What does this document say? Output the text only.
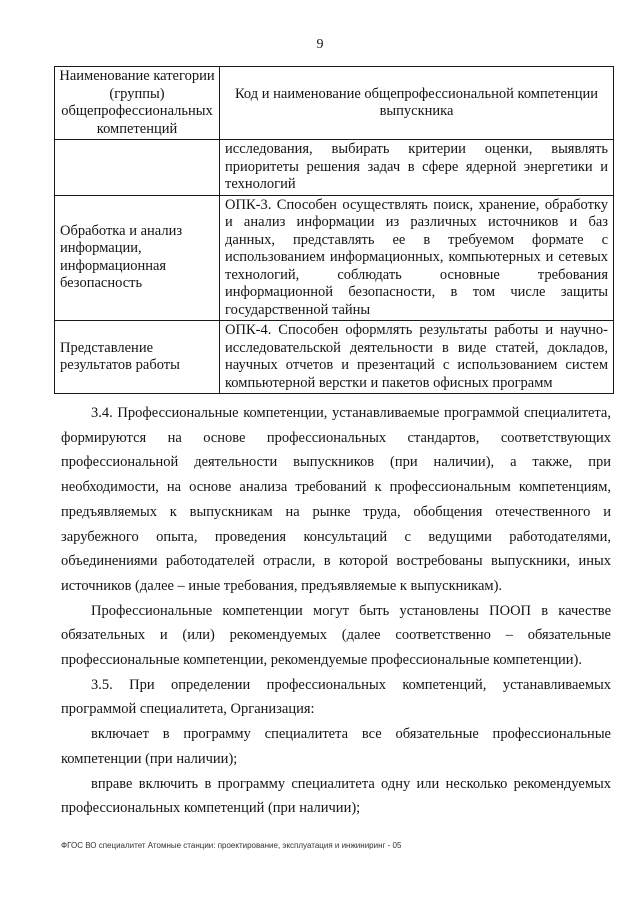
9
Наименование категории (группы) общепрофессиональных компетенций	Код и наименование общепрофессиональной компетенции выпускника
	исследования, выбирать критерии оценки, выявлять приоритеты решения задач в сфере ядерной энергетики и технологий
Обработка и анализ информации, информационная безопасность	ОПК-3. Способен осуществлять поиск, хранение, обработку и анализ информации из различных источников и баз данных, представлять ее в требуемом формате с использованием информационных, компьютерных и сетевых технологий, соблюдать основные требования информационной безопасности, в том числе защиты государственной тайны
Представление результатов работы	ОПК-4. Способен оформлять результаты работы и научно-исследовательской деятельности в виде статей, докладов, научных отчетов и презентаций с использованием систем компьютерной верстки и пакетов офисных программ

3.4. Профессиональные компетенции, устанавливаемые программой специалитета, формируются на основе профессиональных стандартов, соответствующих профессиональной деятельности выпускников (при наличии), а также, при необходимости, на основе анализа требований к профессиональным компетенциям, предъявляемых к выпускникам на рынке труда, обобщения отечественного и зарубежного опыта, проведения консультаций с ведущими работодателями, объединениями работодателей отрасли, в которой востребованы выпускники, иных источников (далее – иные требования, предъявляемые к выпускникам).

Профессиональные компетенции могут быть установлены ПООП в качестве обязательных и (или) рекомендуемых (далее соответственно – обязательные профессиональные компетенции, рекомендуемые профессиональные компетенции).

3.5. При определении профессиональных компетенций, устанавливаемых программой специалитета, Организация:

включает в программу специалитета все обязательные профессиональные компетенции (при наличии);

вправе включить в программу специалитета одну или несколько рекомендуемых профессиональных компетенций (при наличии);

ФГОС ВО специалитет Атомные станции: проектирование, эксплуатация и инжиниринг - 05
